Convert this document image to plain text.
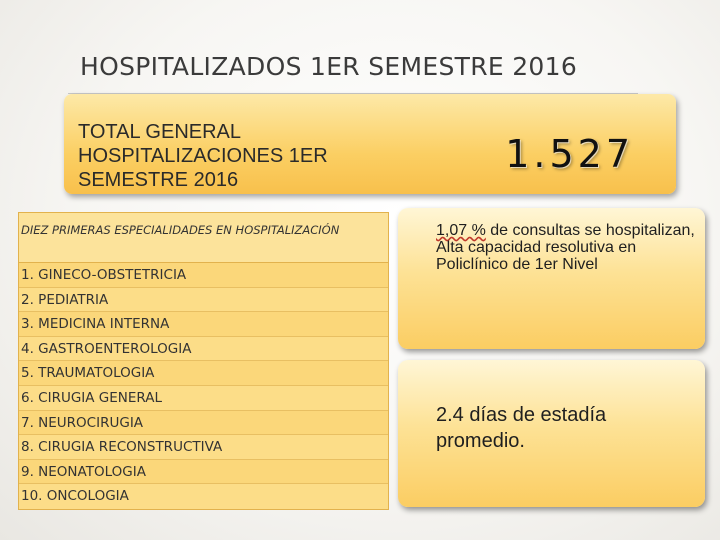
HOSPITALIZADOS 1ER SEMESTRE 2016
TOTAL GENERAL HOSPITALIZACIONES 1ER SEMESTRE 2016
1.527
DIEZ PRIMERAS ESPECIALIDADES EN HOSPITALIZACIÓN
1. GINECO-OBSTETRICIA
2. PEDIATRIA
3. MEDICINA INTERNA
4. GASTROENTEROLOGIA
5. TRAUMATOLOGIA
6. CIRUGIA GENERAL
7. NEUROCIRUGIA
8. CIRUGIA RECONSTRUCTIVA
9. NEONATOLOGIA
10. ONCOLOGIA
1,07 % de consultas se hospitalizan, Alta capacidad resolutiva en Policlínico de 1er Nivel
2.4 días de estadía promedio.
